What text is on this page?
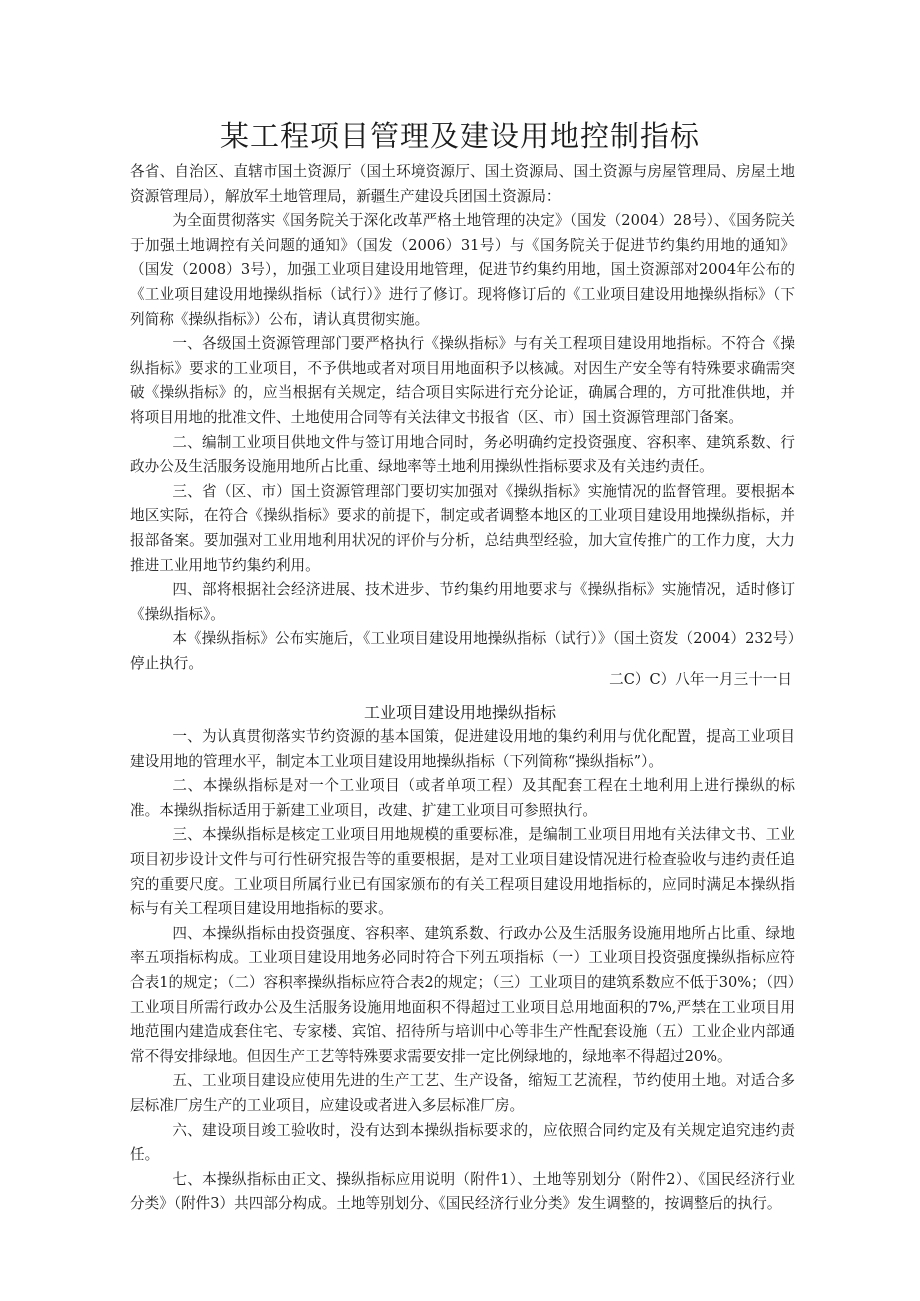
某工程项目管理及建设用地控制指标

各省、自治区、直辖市国土资源厅（国土环境资源厅、国土资源局、国土资源与房屋管理局、房屋土地资源管理局），解放军土地管理局，新疆生产建设兵团国土资源局：

为全面贯彻落实《国务院关于深化改革严格土地管理的决定》（国发（2004）28号）、《国务院关于加强土地调控有关问题的通知》（国发（2006）31号）与《国务院关于促进节约集约用地的通知》（国发（2008）3号），加强工业项目建设用地管理，促进节约集约用地，国土资源部对2004年公布的《工业项目建设用地操纵指标（试行）》进行了修订。现将修订后的《工业项目建设用地操纵指标》（下列简称《操纵指标》）公布，请认真贯彻实施。

一、各级国土资源管理部门要严格执行《操纵指标》与有关工程项目建设用地指标。不符合《操纵指标》要求的工业项目，不予供地或者对项目用地面积予以核减。对因生产安全等有特殊要求确需突破《操纵指标》的，应当根据有关规定，结合项目实际进行充分论证，确属合理的，方可批准供地，并将项目用地的批准文件、土地使用合同等有关法律文书报省（区、市）国土资源管理部门备案。

二、编制工业项目供地文件与签订用地合同时，务必明确约定投资强度、容积率、建筑系数、行政办公及生活服务设施用地所占比重、绿地率等土地利用操纵性指标要求及有关违约责任。

三、省（区、市）国土资源管理部门要切实加强对《操纵指标》实施情况的监督管理。要根据本地区实际，在符合《操纵指标》要求的前提下，制定或者调整本地区的工业项目建设用地操纵指标，并报部备案。要加强对工业用地利用状况的评价与分析，总结典型经验，加大宣传推广的工作力度，大力推进工业用地节约集约利用。

四、部将根据社会经济进展、技术进步、节约集约用地要求与《操纵指标》实施情况，适时修订《操纵指标》。

本《操纵指标》公布实施后，《工业项目建设用地操纵指标（试行）》（国土资发（2004）232号）停止执行。

二C）C）八年一月三十一日
工业项目建设用地操纵指标

一、为认真贯彻落实节约资源的基本国策，促进建设用地的集约利用与优化配置，提高工业项目建设用地的管理水平，制定本工业项目建设用地操纵指标（下列简称“操纵指标”）。

二、本操纵指标是对一个工业项目（或者单项工程）及其配套工程在土地利用上进行操纵的标准。本操纵指标适用于新建工业项目，改建、扩建工业项目可参照执行。

三、本操纵指标是核定工业项目用地规模的重要标准，是编制工业项目用地有关法律文书、工业项目初步设计文件与可行性研究报告等的重要根据，是对工业项目建设情况进行检查验收与违约责任追究的重要尺度。工业项目所属行业已有国家颁布的有关工程项目建设用地指标的，应同时满足本操纵指标与有关工程项目建设用地指标的要求。

四、本操纵指标由投资强度、容积率、建筑系数、行政办公及生活服务设施用地所占比重、绿地率五项指标构成。工业项目建设用地务必同时符合下列五项指标（一）工业项目投资强度操纵指标应符合表1的规定；（二）容积率操纵指标应符合表2的规定；（三）工业项目的建筑系数应不低于30%；（四）工业项目所需行政办公及生活服务设施用地面积不得超过工业项目总用地面积的7%,严禁在工业项目用地范围内建造成套住宅、专家楼、宾馆、招待所与培训中心等非生产性配套设施（五）工业企业内部通常不得安排绿地。但因生产工艺等特殊要求需要安排一定比例绿地的，绿地率不得超过20%。

五、工业项目建设应使用先进的生产工艺、生产设备，缩短工艺流程，节约使用土地。对适合多层标准厂房生产的工业项目，应建设或者进入多层标准厂房。

六、建设项目竣工验收时，没有达到本操纵指标要求的，应依照合同约定及有关规定追究违约责任。

七、本操纵指标由正文、操纵指标应用说明（附件1）、土地等别划分（附件2）、《国民经济行业分类》（附件3）共四部分构成。土地等别划分、《国民经济行业分类》发生调整的，按调整后的执行。
